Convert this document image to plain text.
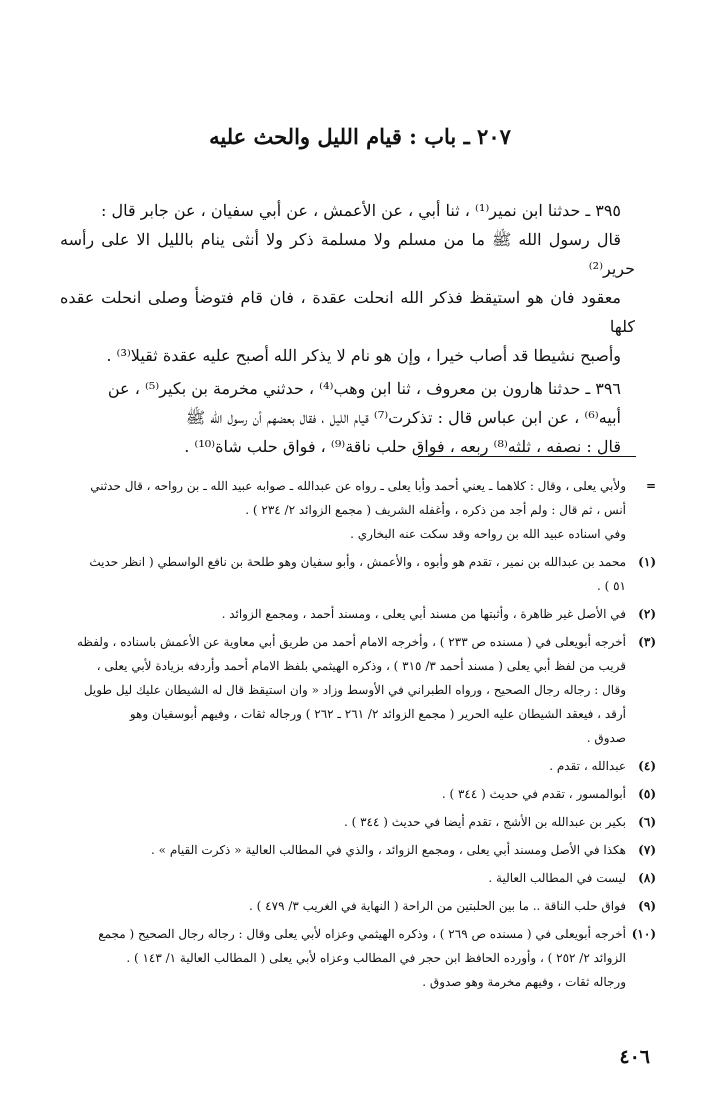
٢٠٧ ـ باب : قيام الليل والحث عليه

٣٩٥ ـ حدثنا ابن نمير⁽¹⁾ ، ثنا أبي ، عن الأعمش ، عن أبي سفيان ، عن جابر قال :

قال رسول الله ﷺ ما من مسلم ولا مسلمة ذكر ولا أنثى ينام بالليل الا على رأسه حرير⁽²⁾

معقود فان هو استيقظ فذكر الله انحلت عقدة ، فان قام فتوضأ وصلى انحلت عقده كلها

وأصبح نشيطا قد أصاب خيرا ، وإن هو نام لا يذكر الله أصبح عليه عقدة ثقيلا⁽³⁾ .

٣٩٦ ـ حدثنا هارون بن معروف ، ثنا ابن وهب⁽⁴⁾ ، حدثني مخرمة بن بكير⁽⁵⁾ ، عن

أبيه⁽⁶⁾ ، عن ابن عباس قال : تذكرت⁽⁷⁾ قيام الليل ، فقال بعضهم أن رسول الله ﷺ

قال : نصفه ، ثلثه⁽⁸⁾ ربعه ، فواق حلب ناقة⁽⁹⁾ ، فواق حلب شاة⁽¹⁰⁾ .

=
ولأبي يعلى ، وقال : كلاهما ـ يعني أحمد وأبا يعلى ـ رواه عن عبدالله ـ صوابه عبيد الله ـ بن رواحه ، قال حدثني
أنس ، ثم قال : ولم أجد من ذكره ، وأغفله الشريف ( مجمع الزوائد ٢/ ٢٣٤ ) .
وفي اسناده عبيد الله بن رواحه وقد سكت عنه البخاري .
(١)
محمد بن عبدالله بن نمير ، تقدم هو وأبوه ، والأعمش ، وأبو سفيان وهو طلحة بن نافع الواسطي ( انظر حديث
٥١ ) .
(٢)
في الأصل غير ظاهرة ، وأثبتها من مسند أبي يعلى ، ومسند أحمد ، ومجمع الزوائد .
(٣)
أخرجه أبويعلى في ( مسنده ص ٢٣٣ ) ، وأخرجه الامام أحمد من طريق أبي معاوية عن الأعمش باسناده ، ولفظه
قريب من لفظ أبي يعلى ( مسند أحمد ٣/ ٣١٥ ) ، وذكره الهيثمي بلفظ الامام أحمد وأردفه بزيادة لأبي يعلى ،
وقال : رجاله رجال الصحيح ، ورواه الطبراني في الأوسط وزاد « وان استيقظ قال له الشيطان عليك ليل طويل
أرقد ، فيعقد الشيطان عليه الحرير ( مجمع الزوائد ٢/ ٢٦١ ـ ٢٦٢ ) ورجاله ثقات ، وفيهم أبوسفيان وهو
صدوق .
(٤)
عبدالله ، تقدم .
(٥)
أبوالمسور ، تقدم في حديث ( ٣٤٤ ) .
(٦)
بكير بن عبدالله بن الأشج ، تقدم أيضا في حديث ( ٣٤٤ ) .
(٧)
هكذا في الأصل ومسند أبي يعلى ، ومجمع الزوائد ، والذي في المطالب العالية « ذكرت القيام » .
(٨)
ليست في المطالب العالية .
(٩)
فواق حلب الناقة .. ما بين الحلبتين من الراحة ( النهاية في الغريب ٣/ ٤٧٩ ) .
(١٠)
أخرجه أبويعلى في ( مسنده ص ٢٦٩ ) ، وذكره الهيثمي وعزاه لأبي يعلى وقال : رجاله رجال الصحيح ( مجمع
الزوائد ٢/ ٢٥٢ ) ، وأورده الحافظ ابن حجر في المطالب وعزاه لأبي يعلى ( المطالب العالية ١/ ١٤٣ ) .
ورجاله ثقات ، وفيهم مخرمة وهو صدوق .
٤٠٦
